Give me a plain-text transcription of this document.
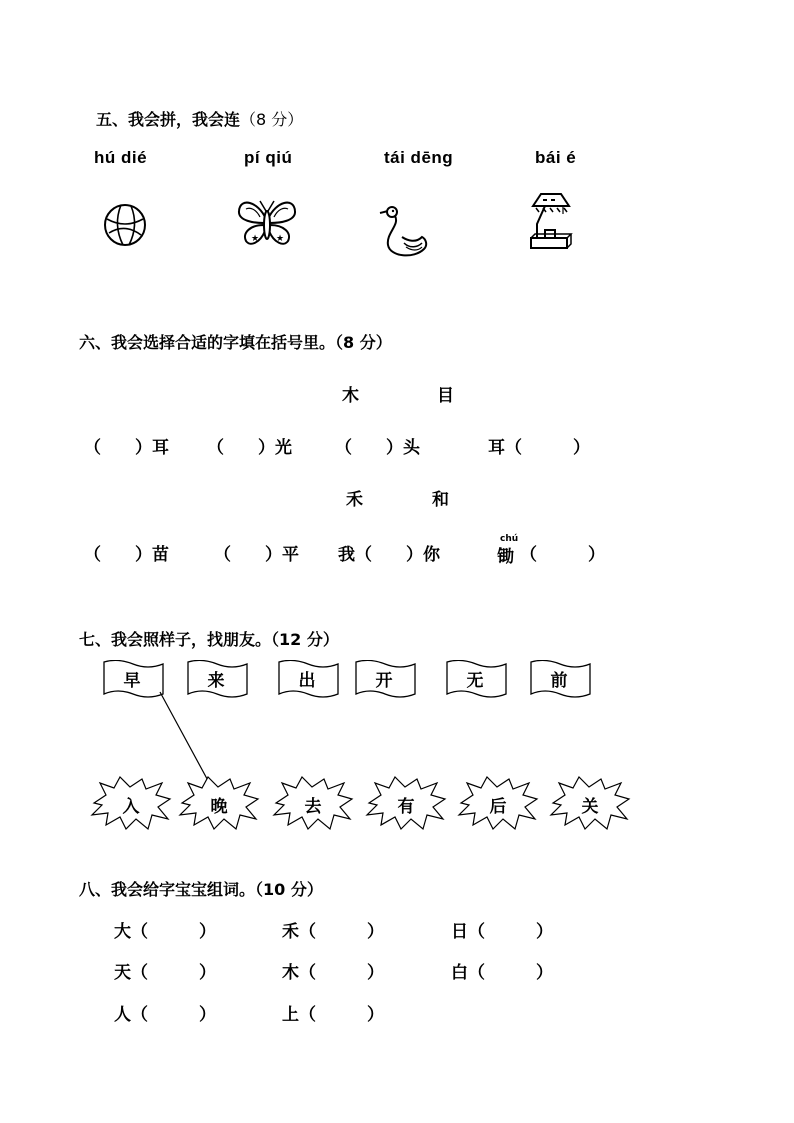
五、我会拼，我会连（8 分）
hú dié	pí qiú	tái dēng	bái é
★ ★
六、我会选择合适的字填在括号里。（8 分）
木	目
（　　）耳 （　　）光	（　　）头	耳（　　　）
禾	和
（　　）苗	（　　）平 我（　　）你
chú
锄 （　　　）
七、我会照样子，找朋友。（12 分）
早	来	出	开	无	前
入	晚	去	有	后	关
八、我会给字宝宝组词。（10 分）
大（　　　）	禾（　　　）	日（　　　）
天（　　　）	木（　　　）	白（　　　）
人（　　　）	上（　　　）
